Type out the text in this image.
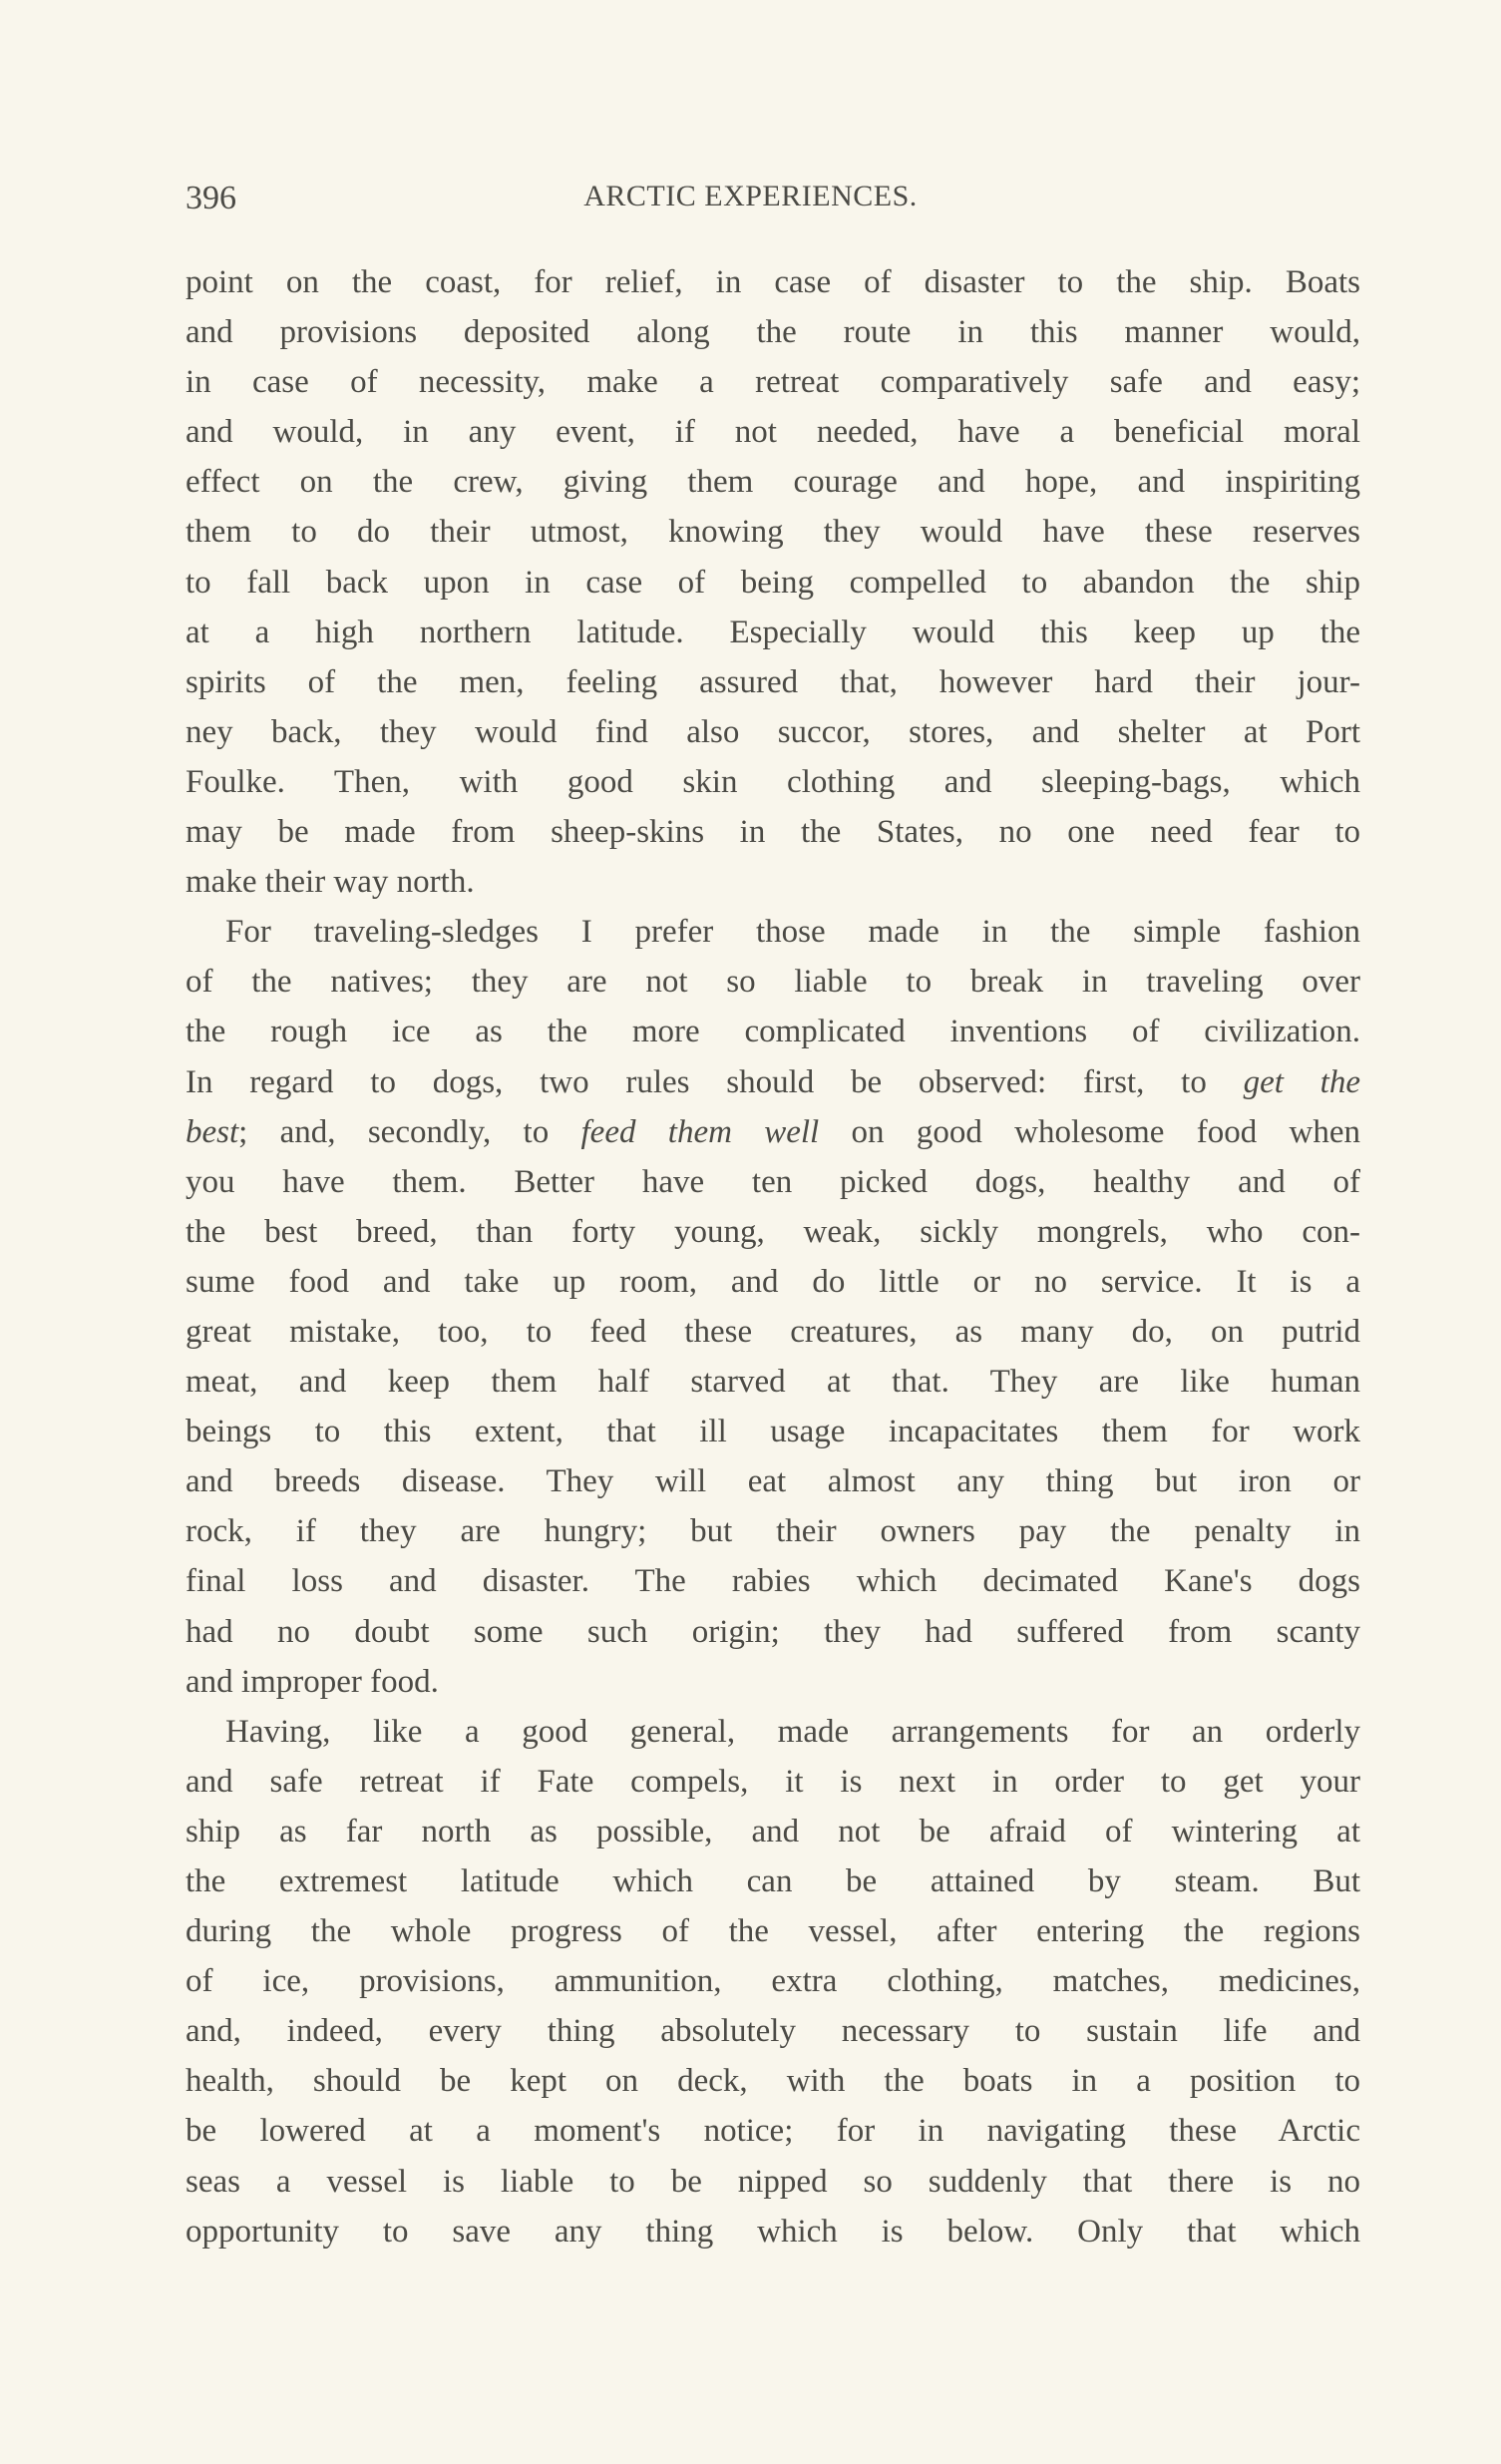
396	ARCTIC EXPERIENCES.
point on the coast, for relief, in case of disaster to the ship. Boats
and provisions deposited along the route in this manner would,
in case of necessity, make a retreat comparatively safe and easy;
and would, in any event, if not needed, have a beneficial moral
effect on the crew, giving them courage and hope, and inspiriting
them to do their utmost, knowing they would have these reserves
to fall back upon in case of being compelled to abandon the ship
at a high northern latitude. Especially would this keep up the
spirits of the men, feeling assured that, however hard their jour-
ney back, they would find also succor, stores, and shelter at Port
Foulke. Then, with good skin clothing and sleeping-bags, which
may be made from sheep-skins in the States, no one need fear to
make their way north.
For traveling-sledges I prefer those made in the simple fashion
of the natives; they are not so liable to break in traveling over
the rough ice as the more complicated inventions of civilization.
In regard to dogs, two rules should be observed: first, to get the
best; and, secondly, to feed them well on good wholesome food when
you have them. Better have ten picked dogs, healthy and of
the best breed, than forty young, weak, sickly mongrels, who con-
sume food and take up room, and do little or no service. It is a
great mistake, too, to feed these creatures, as many do, on putrid
meat, and keep them half starved at that. They are like human
beings to this extent, that ill usage incapacitates them for work
and breeds disease. They will eat almost any thing but iron or
rock, if they are hungry; but their owners pay the penalty in
final loss and disaster. The rabies which decimated Kane's dogs
had no doubt some such origin; they had suffered from scanty
and improper food.
Having, like a good general, made arrangements for an orderly
and safe retreat if Fate compels, it is next in order to get your
ship as far north as possible, and not be afraid of wintering at
the extremest latitude which can be attained by steam. But
during the whole progress of the vessel, after entering the regions
of ice, provisions, ammunition, extra clothing, matches, medicines,
and, indeed, every thing absolutely necessary to sustain life and
health, should be kept on deck, with the boats in a position to
be lowered at a moment's notice; for in navigating these Arctic
seas a vessel is liable to be nipped so suddenly that there is no
opportunity to save any thing which is below. Only that which
